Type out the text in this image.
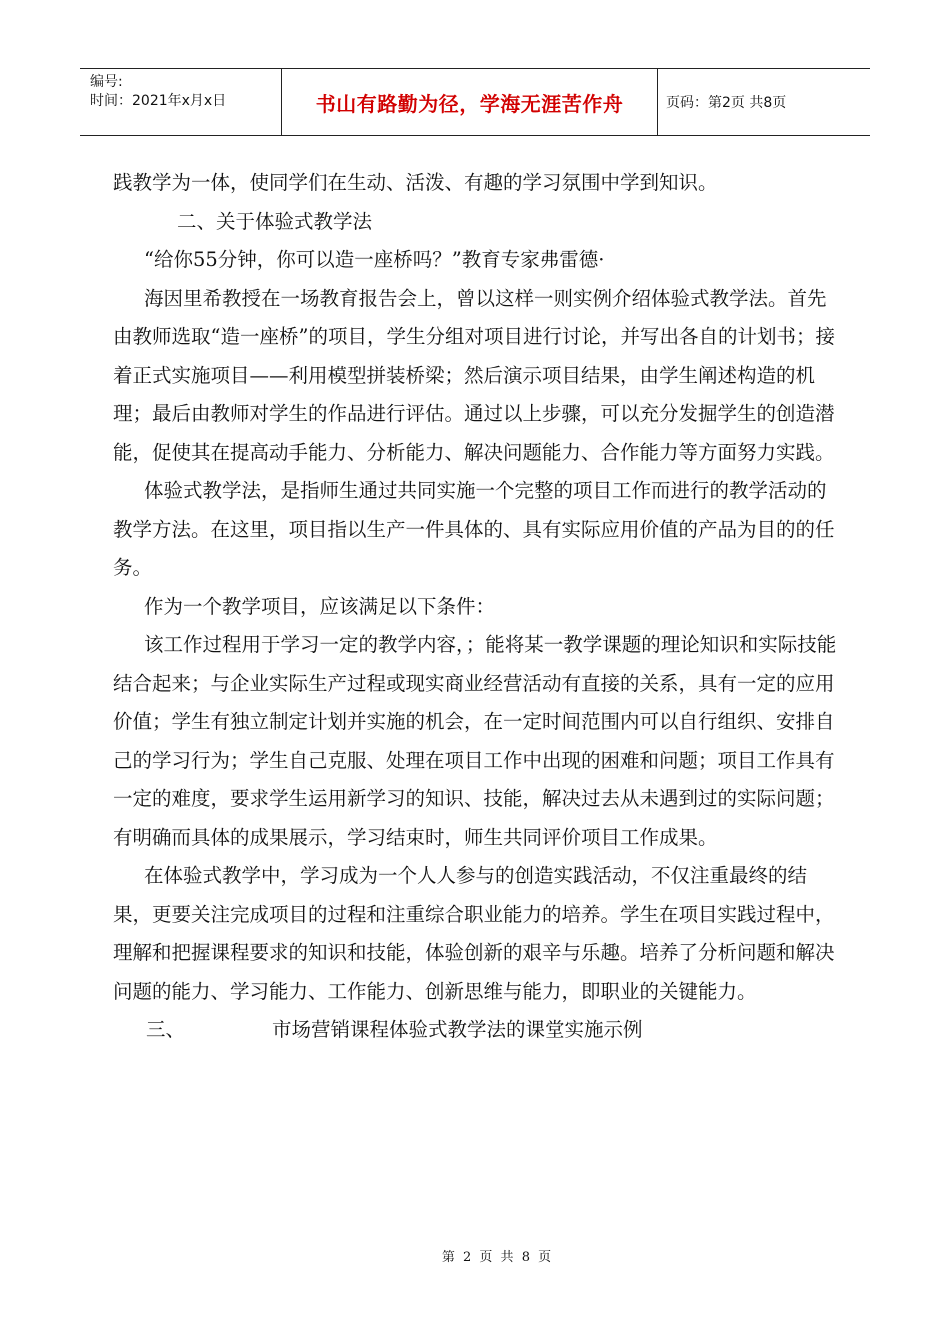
编号:
时间：2021年x月x日	书山有路勤为径，学海无涯苦作舟	页码：第2页 共8页

践教学为一体，使同学们在生动、活泼、有趣的学习氛围中学到知识。

二、关于体验式教学法

“给你55分钟，你可以造一座桥吗？”教育专家弗雷德·

海因里希教授在一场教育报告会上，曾以这样一则实例介绍体验式教学法。首先由教师选取“造一座桥”的项目，学生分组对项目进行讨论，并写出各自的计划书；接着正式实施项目——利用模型拼装桥梁；然后演示项目结果，由学生阐述构造的机理；最后由教师对学生的作品进行评估。通过以上步骤，可以充分发掘学生的创造潜能，促使其在提高动手能力、分析能力、解决问题能力、合作能力等方面努力实践。

体验式教学法，是指师生通过共同实施一个完整的项目工作而进行的教学活动的教学方法。在这里，项目指以生产一件具体的、具有实际应用价值的产品为目的的任务。

作为一个教学项目，应该满足以下条件：

该工作过程用于学习一定的教学内容，；能将某一教学课题的理论知识和实际技能结合起来；与企业实际生产过程或现实商业经营活动有直接的关系，具有一定的应用价值；学生有独立制定计划并实施的机会，在一定时间范围内可以自行组织、安排自己的学习行为；学生自己克服、处理在项目工作中出现的困难和问题；项目工作具有一定的难度，要求学生运用新学习的知识、技能，解决过去从未遇到过的实际问题；有明确而具体的成果展示，学习结束时，师生共同评价项目工作成果。

在体验式教学中，学习成为一个人人参与的创造实践活动，不仅注重最终的结果，更要关注完成项目的过程和注重综合职业能力的培养。学生在项目实践过程中，理解和把握课程要求的知识和技能，体验创新的艰辛与乐趣。培养了分析问题和解决问题的能力、学习能力、工作能力、创新思维与能力，即职业的关键能力。

三、	市场营销课程体验式教学法的课堂实施示例

第 2 页 共 8 页
